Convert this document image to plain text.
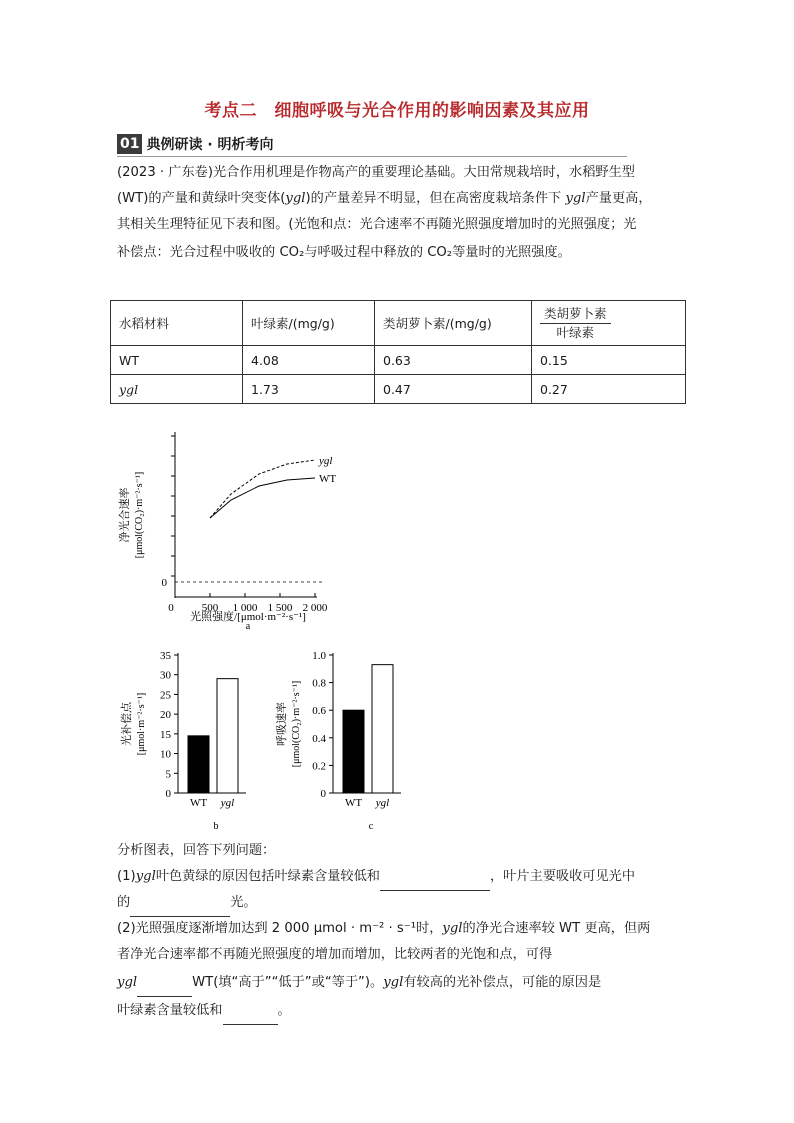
考点二　细胞呼吸与光合作用的影响因素及其应用
01 典例研读 · 明析考向
(2023 · 广东卷)光合作用机理是作物高产的重要理论基础。大田常规栽培时，水稻野生型
(WT)的产量和黄绿叶突变体(ygl)的产量差异不明显，但在高密度栽培条件下 ygl产量更高，
其相关生理特征见下表和图。(光饱和点：光合速率不再随光照强度增加时的光照强度；光
补偿点：光合过程中吸收的 CO₂与呼吸过程中释放的 CO₂等量时的光照强度。
水稻材料	叶绿素/(mg/g)	类胡萝卜素/(mg/g)	$\frac{\text{类胡萝卜素}}{\text{叶绿素}}$

WT	4.08	0.63	0.15
ygl	1.73	0.47	0.27
0
0	500 1 000 1 500 2 000
ygl
WT
净光合速率 [μmol(CO₂)·m⁻²·s⁻¹]
光照强度/[μmol·m⁻²·s⁻¹]
a
0
5
10
15
20
25
30
35
WT ygl
光补偿点 [μmol·m⁻²·s⁻¹]
b
0
0.2
0.4
0.6
0.8
1.0
WT ygl
呼吸速率 [μmol(CO₂)·m⁻²·s⁻¹]
c
分析图表，回答下列问题：
(1)ygl叶色黄绿的原因包括叶绿素含量较低和	，叶片主要吸收可见光中
的	光。
(2)光照强度逐渐增加达到 2 000 μmol · m⁻² · s⁻¹时，ygl的净光合速率较 WT 更高，但两
者净光合速率都不再随光照强度的增加而增加，比较两者的光饱和点，可得
ygl	WT(填“高于”“低于”或“等于”)。ygl有较高的光补偿点，可能的原因是
叶绿素含量较低和	。
